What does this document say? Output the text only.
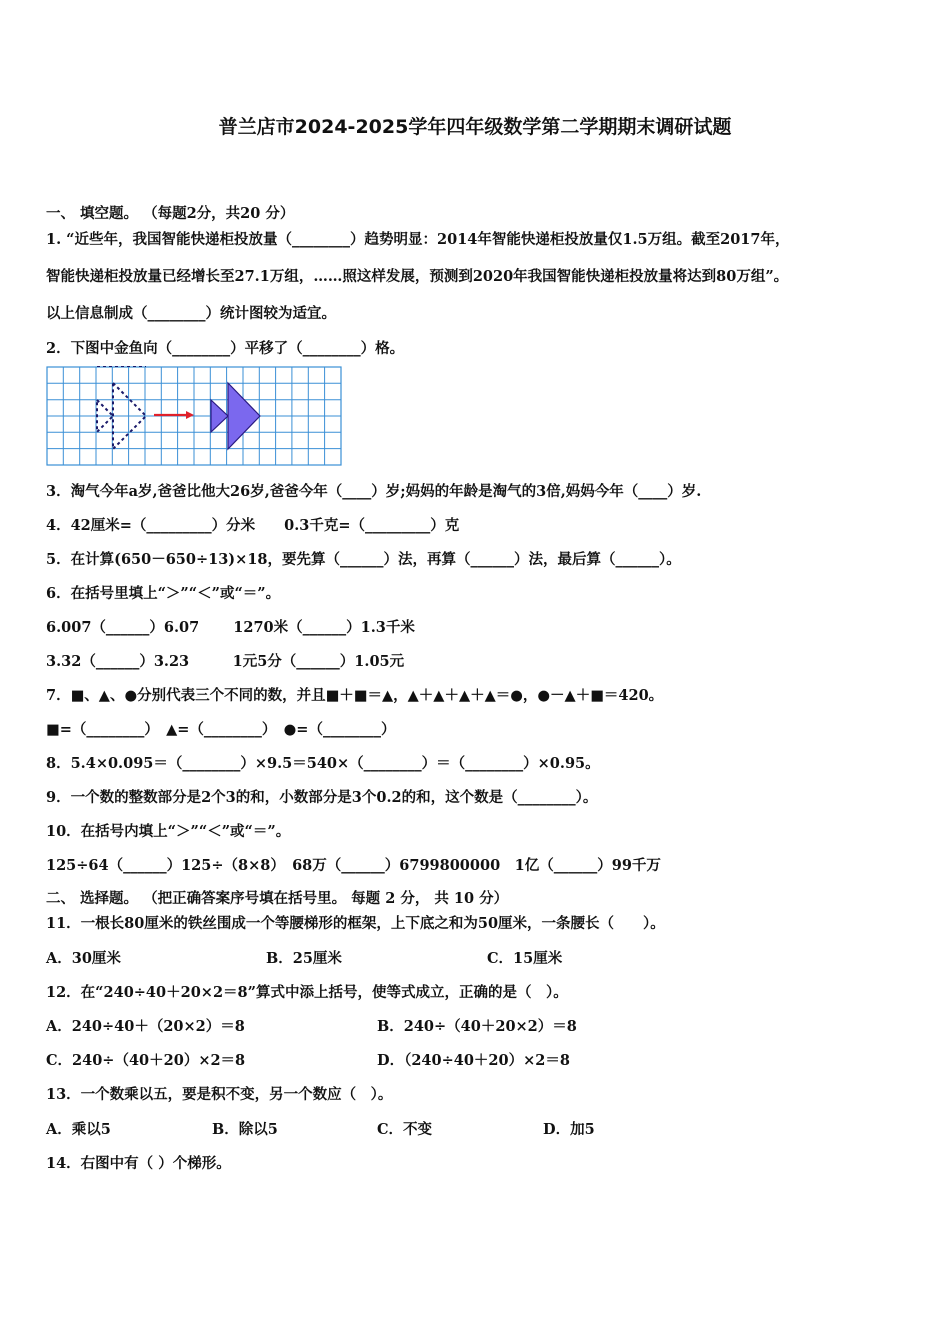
普兰店市2024-2025学年四年级数学第二学期期末调研试题
一、 填空题。 （每题2分，共20 分）
1. “近些年，我国智能快递柜投放量（________）趋势明显：2014年智能快递柜投放量仅1.5万组。截至2017年，
智能快递柜投放量已经增长至27.1万组，……照这样发展，预测到2020年我国智能快递柜投放量将达到80万组”。
以上信息制成（________）统计图较为适宜。
2．下图中金鱼向（________）平移了（________）格。
3．淘气今年a岁,爸爸比他大26岁,爸爸今年（____）岁;妈妈的年龄是淘气的3倍,妈妈今年（____）岁.
4．42厘米=（_________）分米　　0.3千克=（_________）克
5．在计算(650－650÷13)×18，要先算（______）法，再算（______）法，最后算（______）。
6．在括号里填上“＞”“＜”或“＝”。
6.007（______）6.07　　 1270米（______）1.3千米
3.32（______）3.23　　　1元5分（______）1.05元
7．■、▲、●分别代表三个不同的数，并且■＋■＝▲，▲＋▲＋▲＋▲＝●，●－▲＋■＝420。
■=（________）　▲=（________）　●=（________）
8．5.4×0.095＝（________）×9.5＝540×（________）＝（________）×0.95。
9．一个数的整数部分是2个3的和，小数部分是3个0.2的和，这个数是（________）。
10．在括号内填上“＞”“＜”或“＝”。
125÷64（______）125÷（8×8）　68万（______）6799800000　1亿（______）99千万
二、 选择题。 （把正确答案序号填在括号里。 每题 2 分， 共 10 分）
11．一根长80厘米的铁丝围成一个等腰梯形的框架，上下底之和为50厘米，一条腰长（　　）。
A．30厘米	B．25厘米	C．15厘米
12．在“240÷40＋20×2＝8”算式中添上括号，使等式成立，正确的是（　）。
A．240÷40＋（20×2）＝8	B．240÷（40＋20×2）＝8
C．240÷（40＋20）×2＝8	D．（240÷40＋20）×2＝8
13．一个数乘以五，要是积不变，另一个数应（　）。
A．乘以5	B．除以5	C．不变	D．加5
14．右图中有（ ）个梯形。
